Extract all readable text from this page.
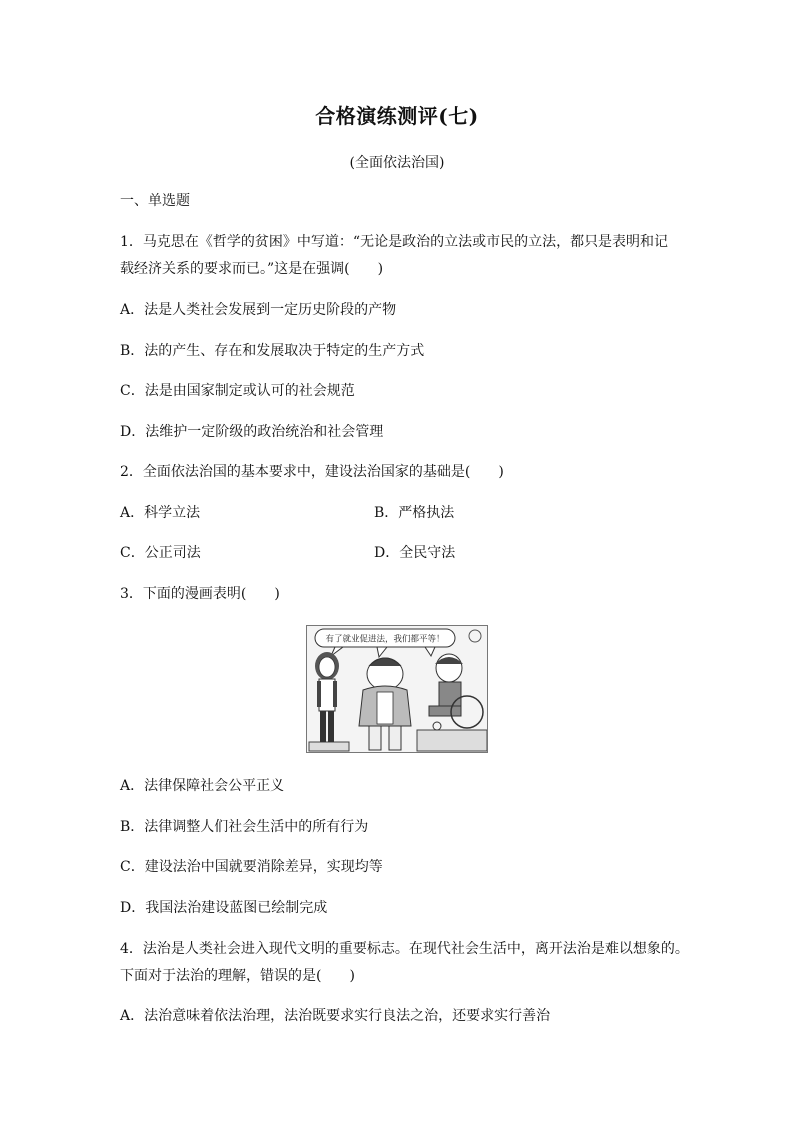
合格演练测评(七)
(全面依法治国)
一、单选题
1．马克思在《哲学的贫困》中写道：“无论是政治的立法或市民的立法，都只是表明和记
载经济关系的要求而已。”这是在强调(　　)
A．法是人类社会发展到一定历史阶段的产物
B．法的产生、存在和发展取决于特定的生产方式
C．法是由国家制定或认可的社会规范
D．法维护一定阶级的政治统治和社会管理
2．全面依法治国的基本要求中，建设法治国家的基础是(　　)
A．科学立法	B．严格执法
C．公正司法	D．全民守法
3．下面的漫画表明(　　)
有了就业促进法，我们都平等！
A．法律保障社会公平正义
B．法律调整人们社会生活中的所有行为
C．建设法治中国就要消除差异，实现均等
D．我国法治建设蓝图已绘制完成
4．法治是人类社会进入现代文明的重要标志。在现代社会生活中，离开法治是难以想象的。
下面对于法治的理解，错误的是(　　)
A．法治意味着依法治理，法治既要求实行良法之治，还要求实行善治
